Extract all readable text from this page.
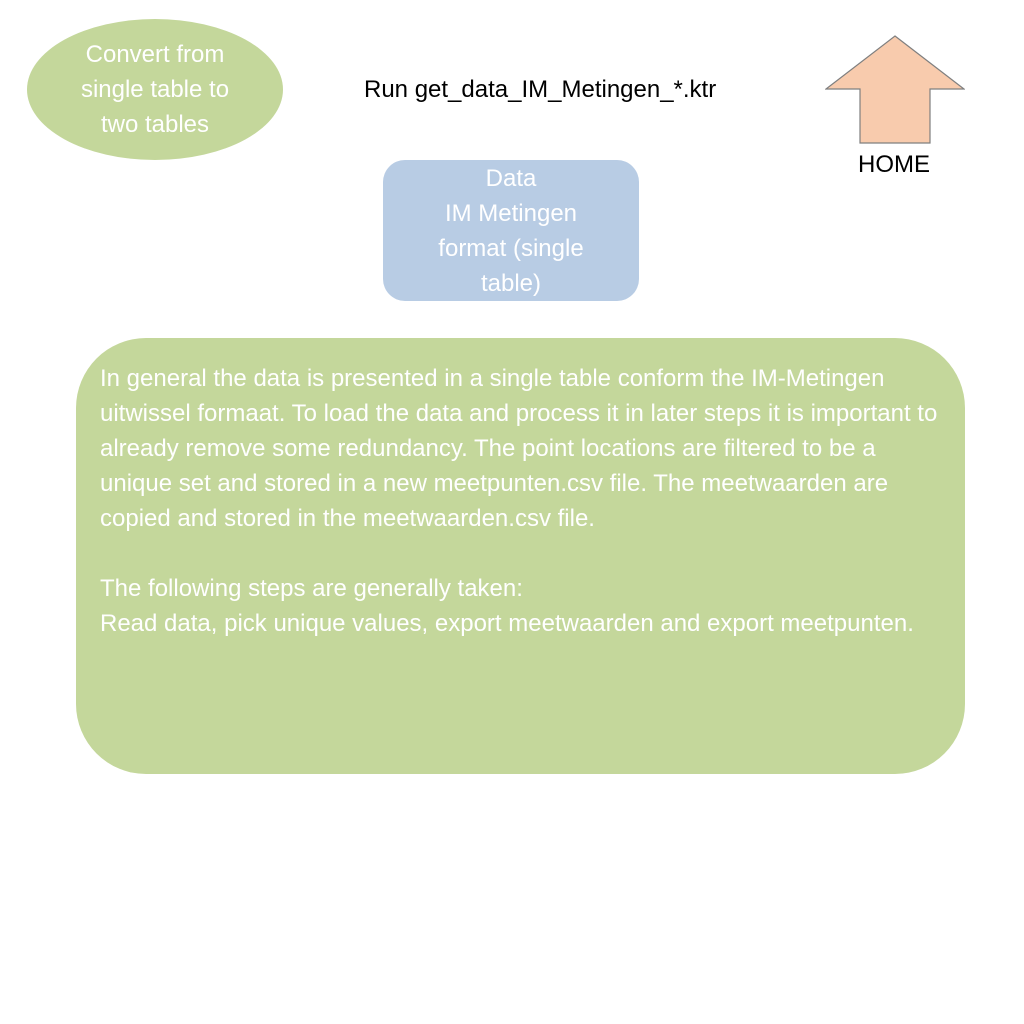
Convert from
single table to
two tables
Run get_data_IM_Metingen_*.ktr
HOME
Data
IM Metingen
format (single
table)

In general the data is presented in a single table conform the IM-Metingen uitwissel formaat. To load the data and process it in later steps it is important to already remove some redundancy. The point locations are filtered to be a unique set and stored in a new meetpunten.csv file. The meetwaarden are copied and stored in the meetwaarden.csv file.

The following steps are generally taken:

Read data, pick unique values, export meetwaarden and export meetpunten.
